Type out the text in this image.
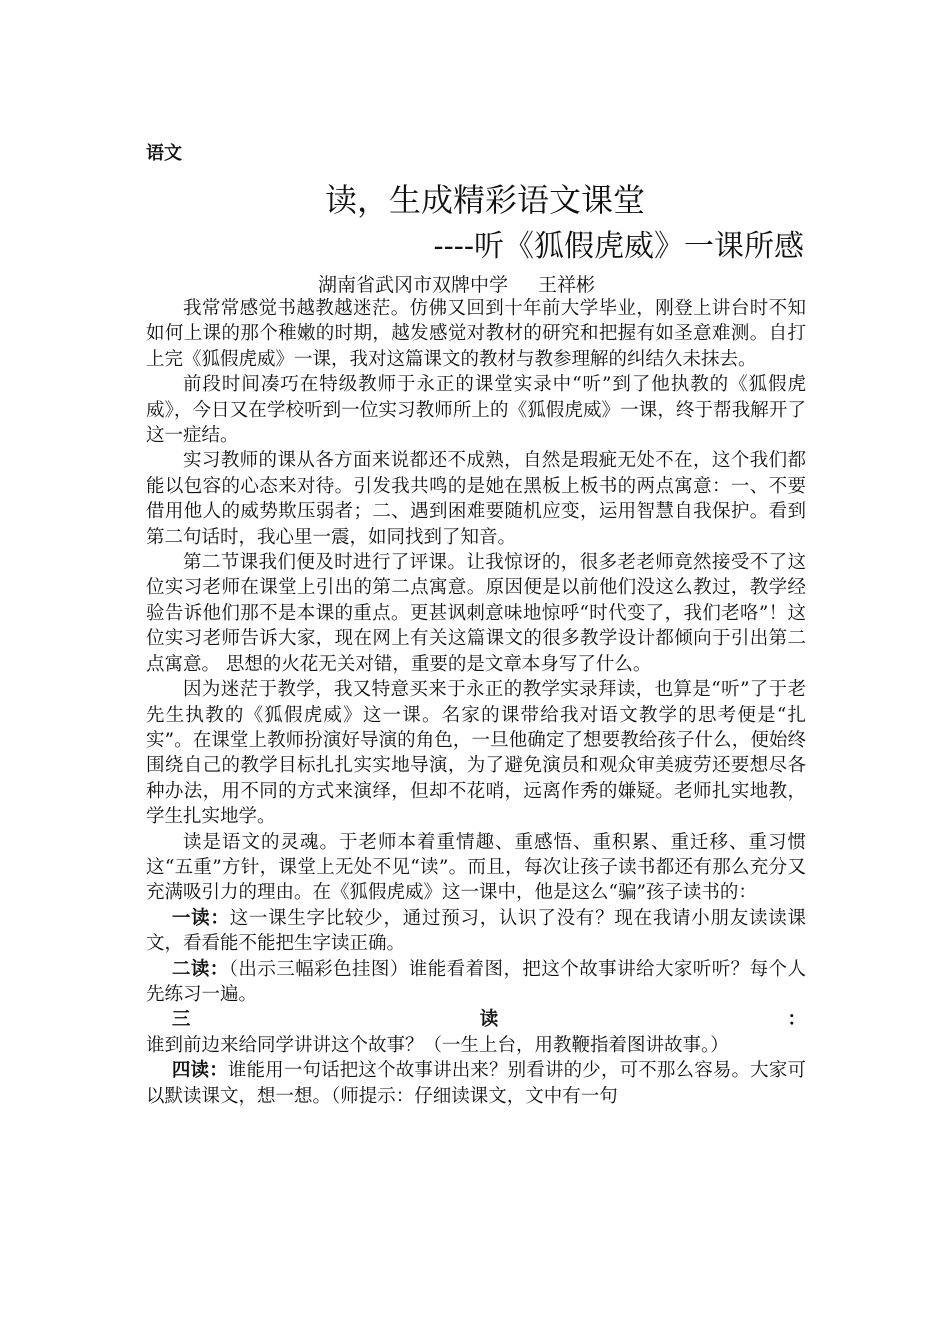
语文
读，生成精彩语文课堂
----听《狐假虎威》一课所感
湖南省武冈市双牌中学 王祥彬

我常常感觉书越教越迷茫。仿佛又回到十年前大学毕业，刚登上讲台时不知如何上课的那个稚嫩的时期，越发感觉对教材的研究和把握有如圣意难测。自打上完《狐假虎威》一课，我对这篇课文的教材与教参理解的纠结久未抹去。

前段时间凑巧在特级教师于永正的课堂实录中“听”到了他执教的《狐假虎威》，今日又在学校听到一位实习教师所上的《狐假虎威》一课，终于帮我解开了这一症结。

实习教师的课从各方面来说都还不成熟，自然是瑕疵无处不在，这个我们都能以包容的心态来对待。引发我共鸣的是她在黑板上板书的两点寓意：一、不要借用他人的威势欺压弱者；二、遇到困难要随机应变，运用智慧自我保护。看到第二句话时，我心里一震，如同找到了知音。

第二节课我们便及时进行了评课。让我惊讶的，很多老老师竟然接受不了这位实习老师在课堂上引出的第二点寓意。原因便是以前他们没这么教过，教学经验告诉他们那不是本课的重点。更甚讽刺意味地惊呼“时代变了，我们老咯”！这位实习老师告诉大家，现在网上有关这篇课文的很多教学设计都倾向于引出第二点寓意。 思想的火花无关对错，重要的是文章本身写了什么。

因为迷茫于教学，我又特意买来于永正的教学实录拜读，也算是“听”了于老先生执教的《狐假虎威》这一课。名家的课带给我对语文教学的思考便是“扎实”。在课堂上教师扮演好导演的角色，一旦他确定了想要教给孩子什么，便始终围绕自己的教学目标扎扎实实地导演，为了避免演员和观众审美疲劳还要想尽各种办法，用不同的方式来演绎，但却不花哨，远离作秀的嫌疑。老师扎实地教，学生扎实地学。

读是语文的灵魂。于老师本着重情趣、重感悟、重积累、重迁移、重习惯这“五重”方针，课堂上无处不见“读”。而且，每次让孩子读书都还有那么充分又充满吸引力的理由。在《狐假虎威》这一课中，他是这么“骗”孩子读书的：

一读：这一课生字比较少，通过预习，认识了没有？现在我请小朋友读读课文，看看能不能把生字读正确。

二读：（出示三幅彩色挂图）谁能看着图，把这个故事讲给大家听听？每个人先练习一遍。

三读：谁到前边来给同学讲讲这个故事？（一生上台，用教鞭指着图讲故事。）

四读：谁能用一句话把这个故事讲出来？别看讲的少，可不那么容易。大家可以默读课文，想一想。（师提示：仔细读课文，文中有一句
